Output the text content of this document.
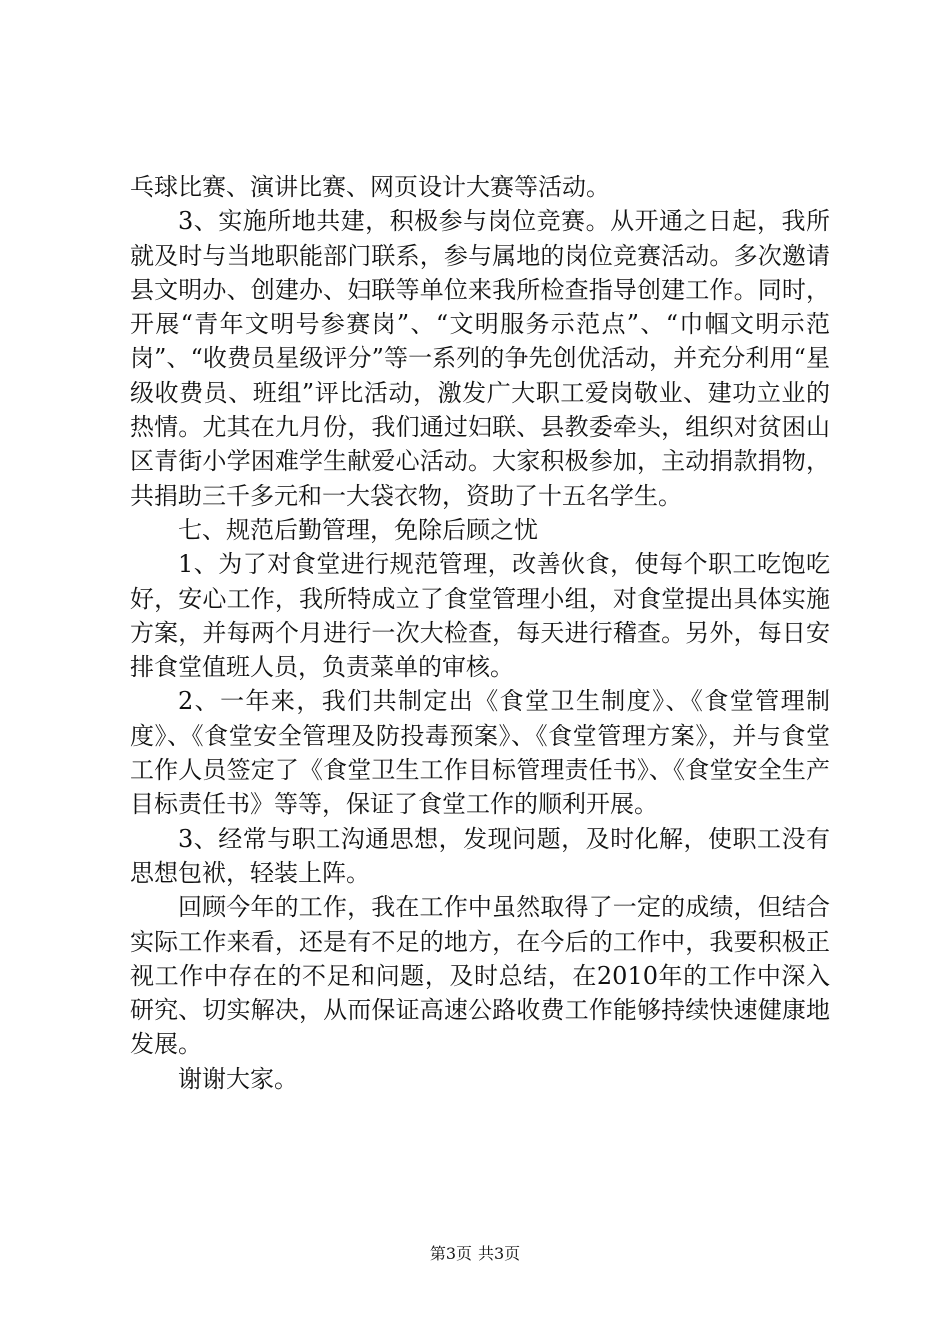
乓球比赛、演讲比赛、网页设计大赛等活动。

3、实施所地共建，积极参与岗位竞赛。从开通之日起，我所就及时与当地职能部门联系，参与属地的岗位竞赛活动。多次邀请县文明办、创建办、妇联等单位来我所检查指导创建工作。同时，开展“青年文明号参赛岗”、“文明服务示范点”、“巾帼文明示范岗”、“收费员星级评分”等一系列的争先创优活动，并充分利用“星级收费员、班组”评比活动，激发广大职工爱岗敬业、建功立业的热情。尤其在九月份，我们通过妇联、县教委牵头，组织对贫困山区青街小学困难学生献爱心活动。大家积极参加，主动捐款捐物，共捐助三千多元和一大袋衣物，资助了十五名学生。

七、规范后勤管理，免除后顾之忧

1、为了对食堂进行规范管理，改善伙食，使每个职工吃饱吃好，安心工作，我所特成立了食堂管理小组，对食堂提出具体实施方案，并每两个月进行一次大检查，每天进行稽查。另外，每日安排食堂值班人员，负责菜单的审核。

2、一年来，我们共制定出《食堂卫生制度》、《食堂管理制度》、《食堂安全管理及防投毒预案》、《食堂管理方案》，并与食堂工作人员签定了《食堂卫生工作目标管理责任书》、《食堂安全生产目标责任书》等等，保证了食堂工作的顺利开展。

3、经常与职工沟通思想，发现问题，及时化解，使职工没有思想包袱，轻装上阵。

回顾今年的工作，我在工作中虽然取得了一定的成绩，但结合实际工作来看，还是有不足的地方，在今后的工作中，我要积极正视工作中存在的不足和问题，及时总结，在2010年的工作中深入研究、切实解决，从而保证高速公路收费工作能够持续快速健康地发展。

谢谢大家。

第3页 共3页
